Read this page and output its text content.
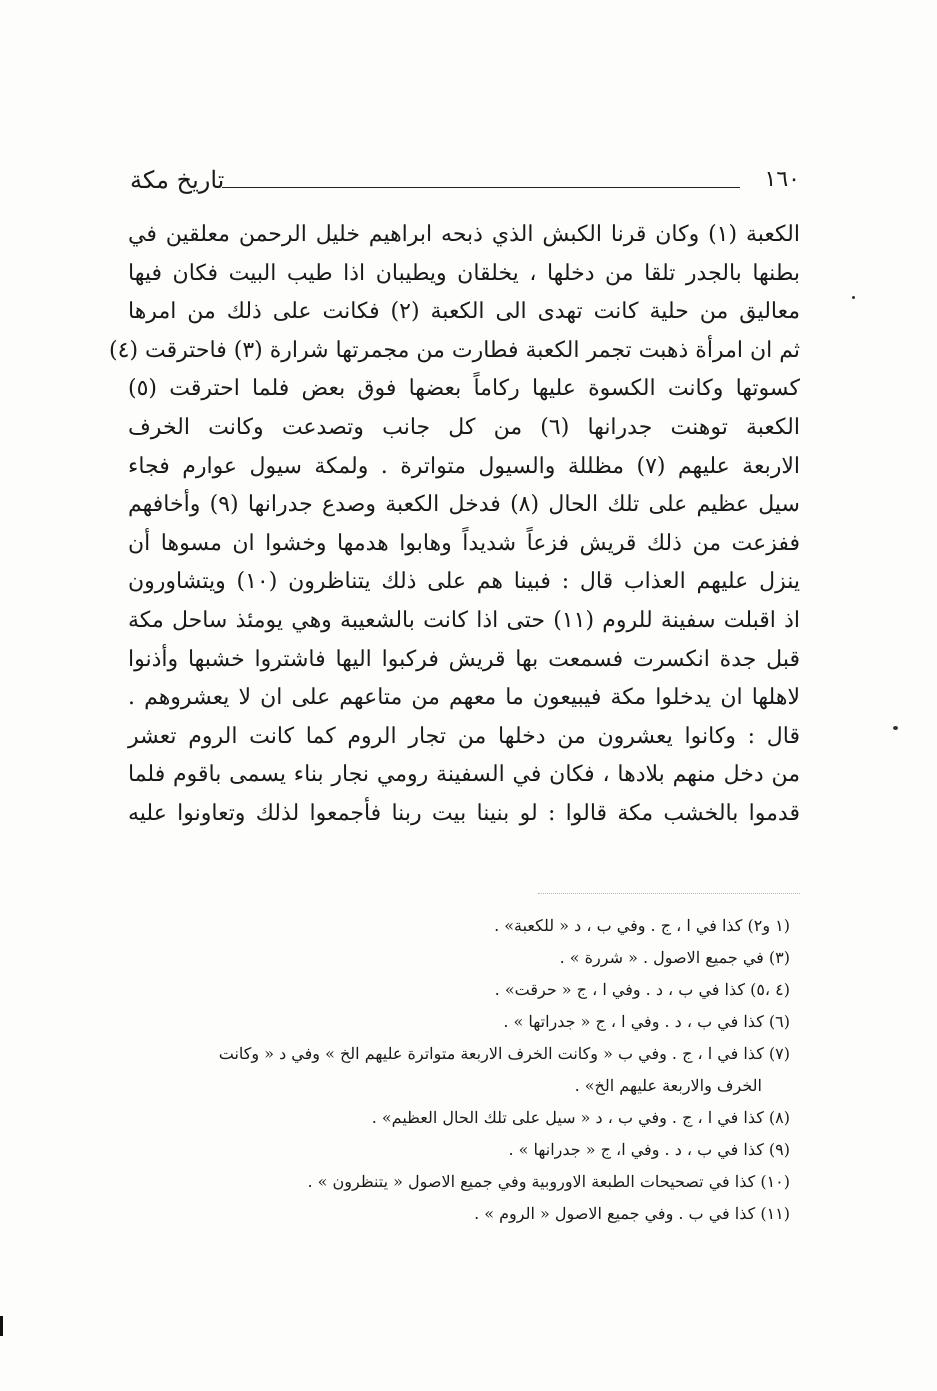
١٦٠
تاريخ مكة
الكعبة (١) وكان قرنا الكبش الذي ذبحه ابراهيم خليل الرحمن معلقين في
بطنها بالجدر تلقا من دخلها ، يخلقان ويطيبان اذا طيب البيت فكان فيها
معاليق من حلية كانت تهدى الى الكعبة (٢) فكانت على ذلك من امرها
ثم ان امرأة ذهبت تجمر الكعبة فطارت من مجمرتها شرارة (٣) فاحترقت (٤)
كسوتها وكانت الكسوة عليها ركاماً بعضها فوق بعض فلما احترقت (٥)
الكعبة توهنت جدرانها (٦) من كل جانب وتصدعت وكانت الخرف
الاربعة عليهم (٧) مظللة والسيول متواترة . ولمكة سيول عوارم فجاء
سيل عظيم على تلك الحال (٨) فدخل الكعبة وصدع جدرانها (٩) وأخافهم
ففزعت من ذلك قريش فزعاً شديداً وهابوا هدمها وخشوا ان مسوها أن
ينزل عليهم العذاب قال : فبينا هم على ذلك يتناظرون (١٠) ويتشاورون
اذ اقبلت سفينة للروم (١١) حتى اذا كانت بالشعيبة وهي يومئذ ساحل مكة
قبل جدة انكسرت فسمعت بها قريش فركبوا اليها فاشتروا خشبها وأذنوا
لاهلها ان يدخلوا مكة فيبيعون ما معهم من متاعهم على ان لا يعشروهم .
قال : وكانوا يعشرون من دخلها من تجار الروم كما كانت الروم تعشر
من دخل منهم بلادها ، فكان في السفينة رومي نجار بناء يسمى باقوم فلما
قدموا بالخشب مكة قالوا : لو بنينا بيت ربنا فأجمعوا لذلك وتعاونوا عليه
(١ و٢) كذا في ا ، ج . وفي ب ، د « للكعبة» .
(٣) في جميع الاصول . « شررة » .
(٤ ،٥) كذا في ب ، د . وفي ا ، ج « حرقت» .
(٦) كذا في ب ، د . وفي ا ، ج « جدراتها » .
(٧) كذا في ا ، ج . وفي ب « وكانت الخرف الاربعة متواترة عليهم الخ » وفي د « وكانت
الخرف والاربعة عليهم الخ» .
(٨) كذا في ا ، ج . وفي ب ، د « سيل على تلك الحال العظيم» .
(٩) كذا في ب ، د . وفي ا، ج « جدرانها » .
(١٠) كذا في تصحيحات الطبعة الاوروبية وفي جميع الاصول « يتنظرون » .
(١١) كذا في ب . وفي جميع الاصول « الروم » .
